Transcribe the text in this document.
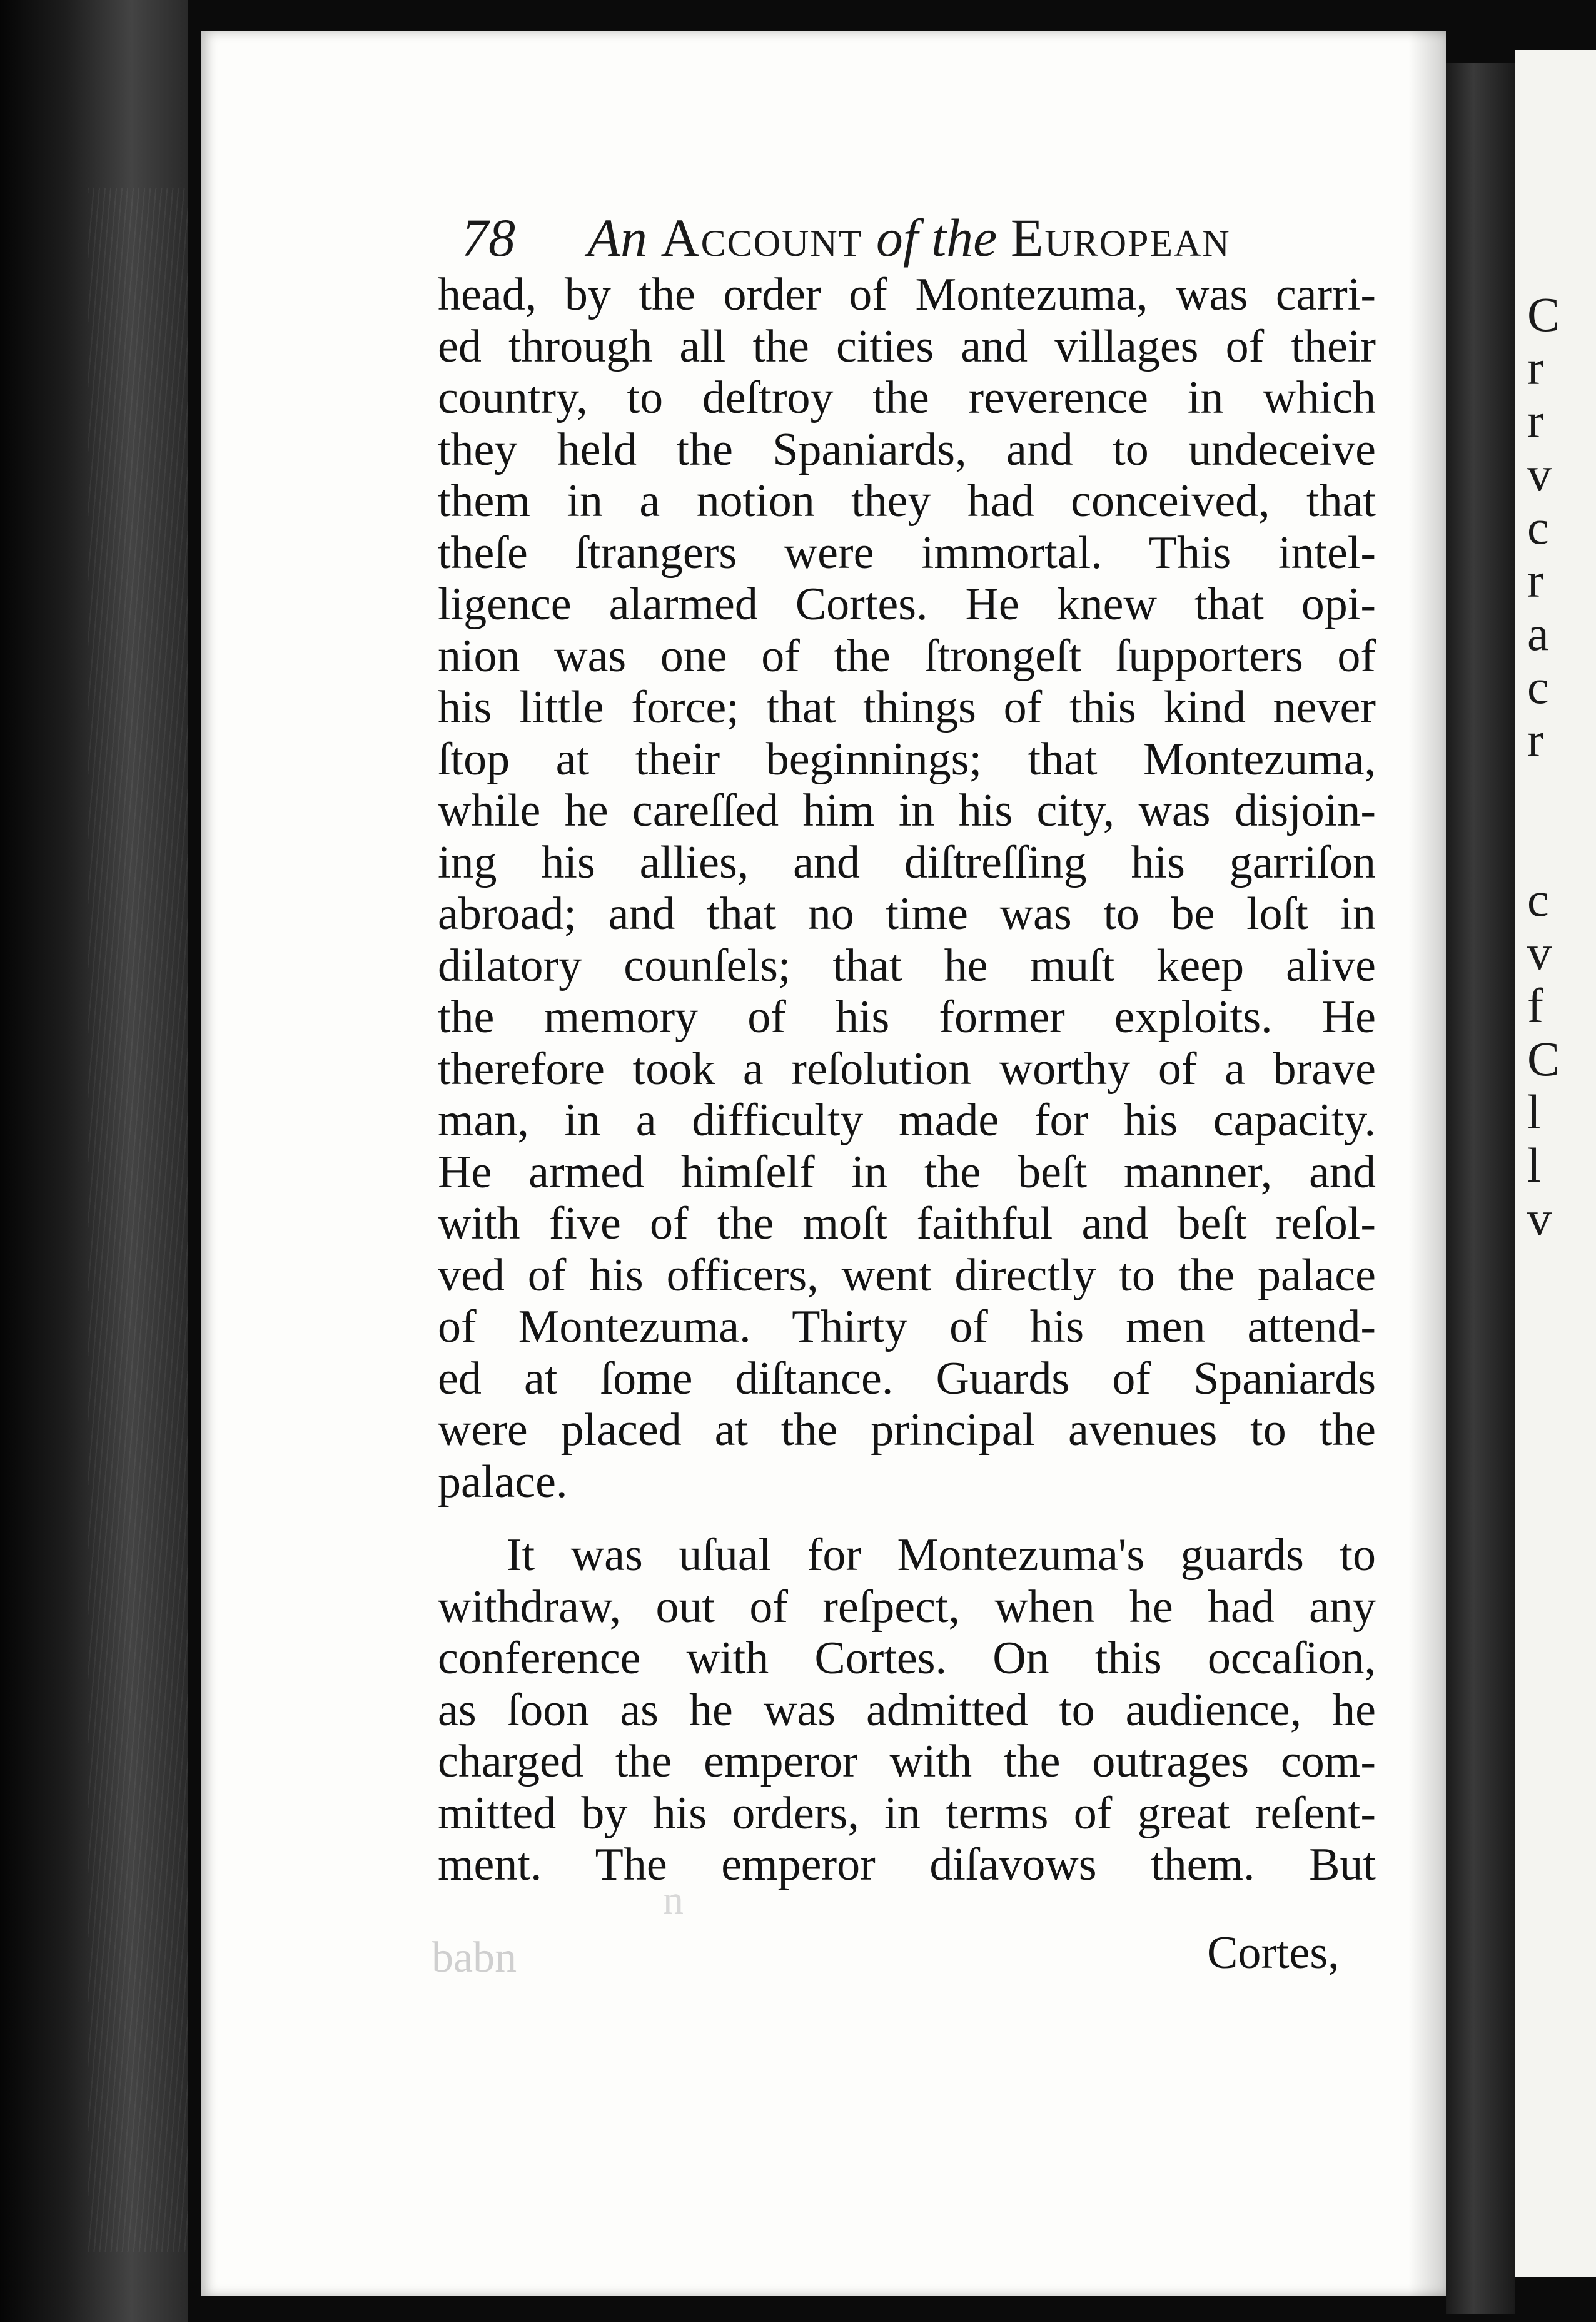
C
r
r
v
c
r
a
c
r

c
v
f
C
l
l
v
78 An Account of the European
head, by the order of Montezuma, was carri-
ed through all the cities and villages of their
country, to deſtroy the reverence in which
they held the Spaniards, and to undeceive
them in a notion they had conceived, that
theſe ſtrangers were immortal. This intel-
ligence alarmed Cortes. He knew that opi-
nion was one of the ſtrongeſt ſupporters of
his little force; that things of this kind never
ſtop at their beginnings; that Montezuma,
while he careſſed him in his city, was disjoin-
ing his allies, and diſtreſſing his garriſon
abroad; and that no time was to be loſt in
dilatory counſels; that he muſt keep alive
the memory of his former exploits. He
therefore took a reſolution worthy of a brave
man, in a difficulty made for his capacity.
He armed himſelf in the beſt manner, and
with five of the moſt faithful and beſt reſol-
ved of his officers, went directly to the palace
of Montezuma. Thirty of his men attend-
ed at ſome diſtance. Guards of Spaniards
were placed at the principal avenues to the
palace.
It was uſual for Montezuma's guards to
withdraw, out of reſpect, when he had any
conference with Cortes. On this occaſion,
as ſoon as he was admitted to audience, he
charged the emperor with the outrages com-
mitted by his orders, in terms of great reſent-
ment. The emperor diſavows them. But
babn
n
Cortes,
